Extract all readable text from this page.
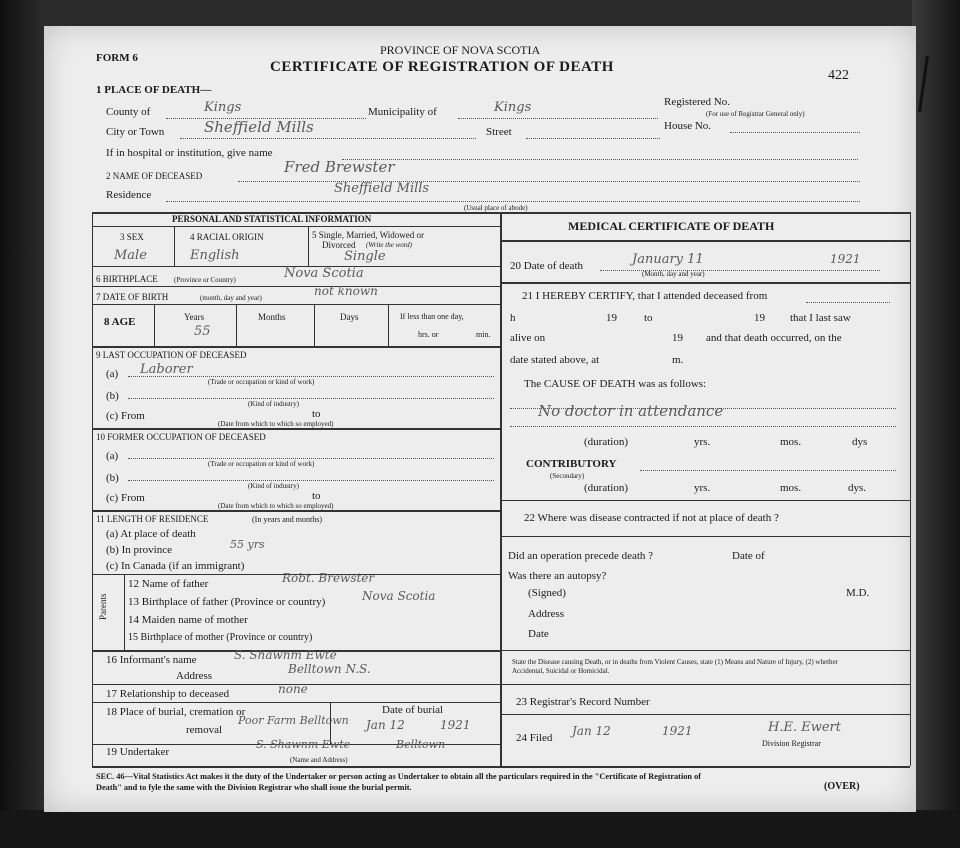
FORM 6
PROVINCE OF NOVA SCOTIA
CERTIFICATE OF REGISTRATION OF DEATH
422
1 PLACE OF DEATH—
County of	Kings	Municipality of	Kings	Registered No.
(For use of Registrar General only)
City or Town	Sheffield Mills	Street	House No.
If in hospital or institution, give name
2 NAME OF DECEASED	Fred Brewster
Residence	Sheffield Mills
(Usual place of abode)
PERSONAL AND STATISTICAL INFORMATION
3 SEX
Male
4 RACIAL ORIGIN
English
5 Single, Married, Widowed or
Divorced (Write the word)
Single
6 BIRTHPLACE (Province or Country)	Nova Scotia
7 DATE OF BIRTH	(month, day and year)	not known
8 AGE	Years
55
Months	Days	If less than one day,
hrs. or	min.
9 LAST OCCUPATION OF DECEASED
(a) Laborer
(Trade or occupation or kind of work)
(b)
(Kind of industry)
(c) From	to
(Date from which to which so employed)
10 FORMER OCCUPATION OF DECEASED
(a)
(Trade or occupation or kind of work)
(b)
(Kind of industry)
(c) From	to
(Date from which to which so employed)
11 LENGTH OF RESIDENCE	(In years and months)
(a) At place of death
(b) In province	55 yrs
(c) In Canada (if an immigrant)
Parents
12 Name of father	Robt. Brewster
13 Birthplace of father (Province or country)	Nova Scotia
14 Maiden name of mother
15 Birthplace of mother (Province or country)
16 Informant's name	S. Shawnm Ewte
Address	Belltown N.S.
17 Relationship to deceased	none
18 Place of burial, cremation or
removal
Poor Farm Belltown
Date of burial
Jan 12	1921
19 Undertaker
S. Shawnm Ewte	Belltown
(Name and Address)
MEDICAL CERTIFICATE OF DEATH
20 Date of death	January 11
(Month, day and year)
1921
21 I HEREBY CERTIFY, that I attended deceased from
h	19 to	19 that I last saw
alive on	19 and that death occurred, on the
date stated above, at	m.
The CAUSE OF DEATH was as follows:
No doctor in attendance
(duration)	yrs.	mos.	dys
CONTRIBUTORY
(Secondary)
(duration)	yrs.	mos.	dys.
22 Where was disease contracted if not at place of death ?
Did an operation precede death ?	Date of
Was there an autopsy?
(Signed)	M.D.
Address
Date
State the Disease causing Death, or in deaths from Violent Causes, state (1) Means and Nature of Injury, (2) whether Accidental, Suicidal or Homicidal.
23 Registrar's Record Number
24 Filed Jan 12	1921	H.E. Ewert
Division Registrar
SEC. 46—Vital Statistics Act makes it the duty of the Undertaker or person acting as Undertaker to obtain all the particulars required in the "Certificate of Registration of
Death" and to fyle the same with the Division Registrar who shall issue the burial permit.	(OVER)
